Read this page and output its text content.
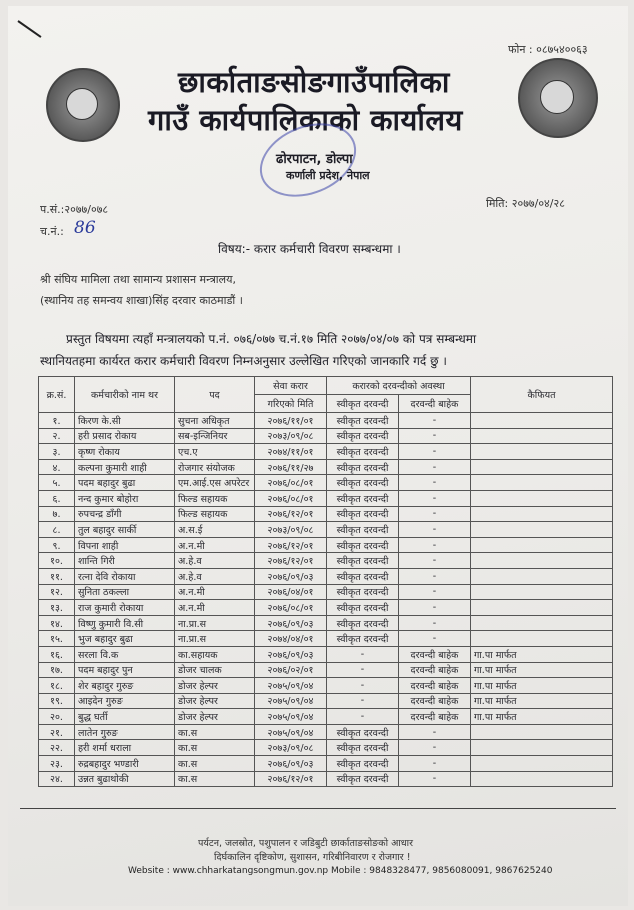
फोन : ०८७५४००६३
छार्काताङसोङगाउँपालिका
गाउँ कार्यपालिकाको कार्यालय
ढोरपाटन, डोल्पा
कर्णाली प्रदेश, नेपाल
प.सं.:२०७७/०७८
च.नं.: 86
मिति: २०७७/०४/२८
विषय:- करार कर्मचारी विवरण सम्बन्धमा ।
श्री संघिय मामिला तथा सामान्य प्रशासन मन्त्रालय,
(स्थानिय तह समन्वय शाखा)सिंह दरवार काठमाडौं ।
प्रस्तुत विषयमा त्यहाँ मन्त्रालयको प.नं. ०७६/०७७ च.नं.१७ मिति २०७७/०४/०७ को पत्र सम्बन्धमा
स्थानियतहमा कार्यरत करार कर्मचारी विवरण निम्नअनुसार उल्लेखित गरिएको जानकारि गर्द छु ।
क्र.सं.	कर्मचारीको नाम थर	पद	सेवा करार	करारको दरवन्दीको अवस्था		कैफियत
			गरिएको मिति	स्वीकृत दरवन्दी	दरवन्दी बाहेक	
१.	किरण के.सी	सुचना अधिकृत	२०७६/११/०१	स्वीकृत दरवन्दी	-	
२.	हरी प्रसाद रोकाय	सब-इन्जिनियर	२०७३/०९/०८	स्वीकृत दरवन्दी	-	
३.	कृष्ण रोकाय	एच.ए	२०७४/११/०१	स्वीकृत दरवन्दी	-	
४.	कल्पना कुमारी शाही	रोजगार संयोजक	२०७६/११/२७	स्वीकृत दरवन्दी	-	
५.	पदम बहादुर बुढा	एम.आई.एस अपरेटर	२०७६/०८/०१	स्वीकृत दरवन्दी	-	
६.	नन्द कुमार बोहोरा	फिल्ड सहायक	२०७६/०८/०१	स्वीकृत दरवन्दी	-	
७.	रुपचन्द्र डाँगी	फिल्ड सहायक	२०७६/१२/०१	स्वीकृत दरवन्दी	-	
८.	तुल बहादुर सार्की	अ.स.ई	२०७३/०९/०८	स्वीकृत दरवन्दी	-	
९.	विपना शाही	अ.न.मी	२०७६/१२/०१	स्वीकृत दरवन्दी	-	
१०.	शान्ति गिरी	अ.हे.व	२०७६/१२/०१	स्वीकृत दरवन्दी	-	
११.	रत्ना देवि रोकाया	अ.हे.व	२०७६/०९/०३	स्वीकृत दरवन्दी	-	
१२.	सुनिता ठकल्ला	अ.न.मी	२०७६/०४/०१	स्वीकृत दरवन्दी	-	
१३.	राज कुमारी रोकाया	अ.न.मी	२०७६/०८/०१	स्वीकृत दरवन्दी	-	
१४.	विष्णु कुमारी वि.सी	ना.प्रा.स	२०७६/०९/०३	स्वीकृत दरवन्दी	-	
१५.	भुज बहादुर बुढा	ना.प्रा.स	२०७४/०४/०१	स्वीकृत दरवन्दी	-	
१६.	सरला वि.क	का.सहायक	२०७६/०९/०३	-	दरवन्दी बाहेक	गा.पा मार्फत
१७.	पदम बहादुर पुन	डोजर चालक	२०७६/०२/०१	-	दरवन्दी बाहेक	गा.पा मार्फत
१८.	शेर बहादुर गुरुङ	डोजर हेल्पर	२०७५/०९/०४	-	दरवन्दी बाहेक	गा.पा मार्फत
१९.	आइदेन गुरुङ	डोजर हेल्पर	२०७५/०९/०४	-	दरवन्दी बाहेक	गा.पा मार्फत
२०.	बुद्ध घर्ती	डोजर हेल्पर	२०७५/०९/०४	-	दरवन्दी बाहेक	गा.पा मार्फत
२१.	लातेन गुरुङ	का.स	२०७५/०९/०४	स्वीकृत दरवन्दी	-	
२२.	हरी शर्मा धराला	का.स	२०७३/०९/०८	स्वीकृत दरवन्दी	-	
२३.	रुद्रबहादुर भण्डारी	का.स	२०७६/०९/०३	स्वीकृत दरवन्दी	-	
२४.	उन्नत बुढाथोकी	का.स	२०७६/१२/०१	स्वीकृत दरवन्दी	-	
पर्यटन, जलस्रोत, पशुपालन र जडिबुटी छार्काताङसोङको आधार
दिर्घकालिन दृष्टिकोण, सुशासन, गरिबीनिवारण र रोजगार !
Website : www.chharkatangsongmun.gov.np Mobile : 9848328477, 9856080091, 9867625240
